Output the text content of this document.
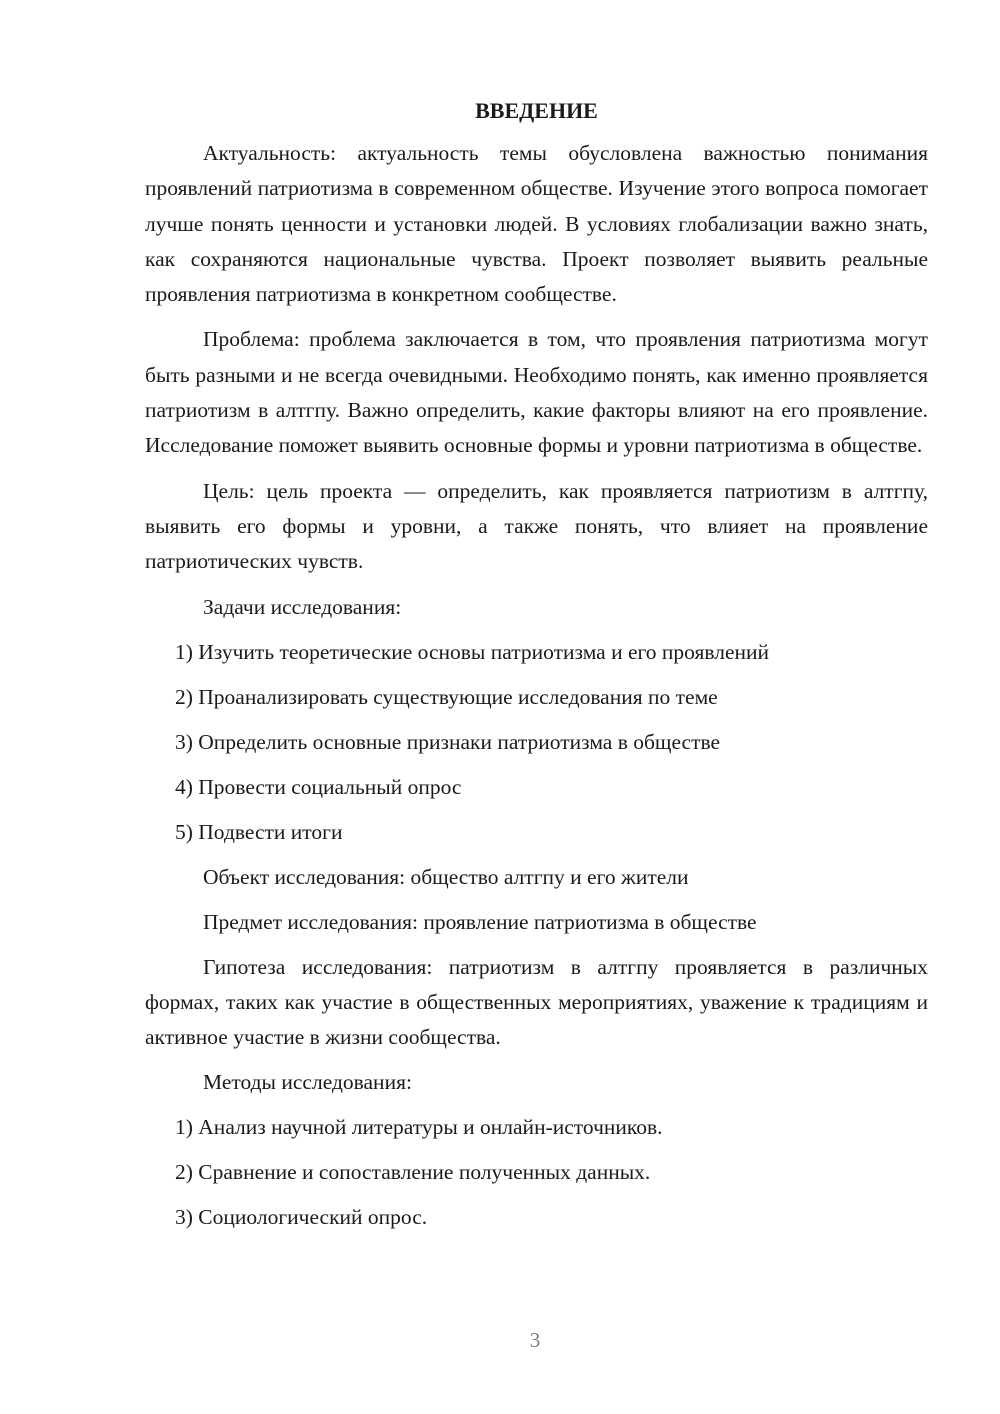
ВВЕДЕНИЕ

Актуальность: актуальность темы обусловлена важностью понимания проявлений патриотизма в современном обществе. Изучение этого вопроса помогает лучше понять ценности и установки людей. В условиях глобализации важно знать, как сохраняются национальные чувства. Проект позволяет выявить реальные проявления патриотизма в конкретном сообществе.

Проблема: проблема заключается в том, что проявления патриотизма могут быть разными и не всегда очевидными. Необходимо понять, как именно проявляется патриотизм в алтгпу. Важно определить, какие факторы влияют на его проявление. Исследование поможет выявить основные формы и уровни патриотизма в обществе.

Цель: цель проекта — определить, как проявляется патриотизм в алтгпу, выявить его формы и уровни, а также понять, что влияет на проявление патриотических чувств.

Задачи исследования:
1) Изучить теоретические основы патриотизма и его проявлений
2) Проанализировать существующие исследования по теме
3) Определить основные признаки патриотизма в обществе
4) Провести социальный опрос
5) Подвести итоги
Объект исследования: общество алтгпу и его жители
Предмет исследования: проявление патриотизма в обществе

Гипотеза исследования: патриотизм в алтгпу проявляется в различных формах, таких как участие в общественных мероприятиях, уважение к традициям и активное участие в жизни сообщества.

Методы исследования:
1) Анализ научной литературы и онлайн-источников.
2) Сравнение и сопоставление полученных данных.
3) Социологический опрос.
3
